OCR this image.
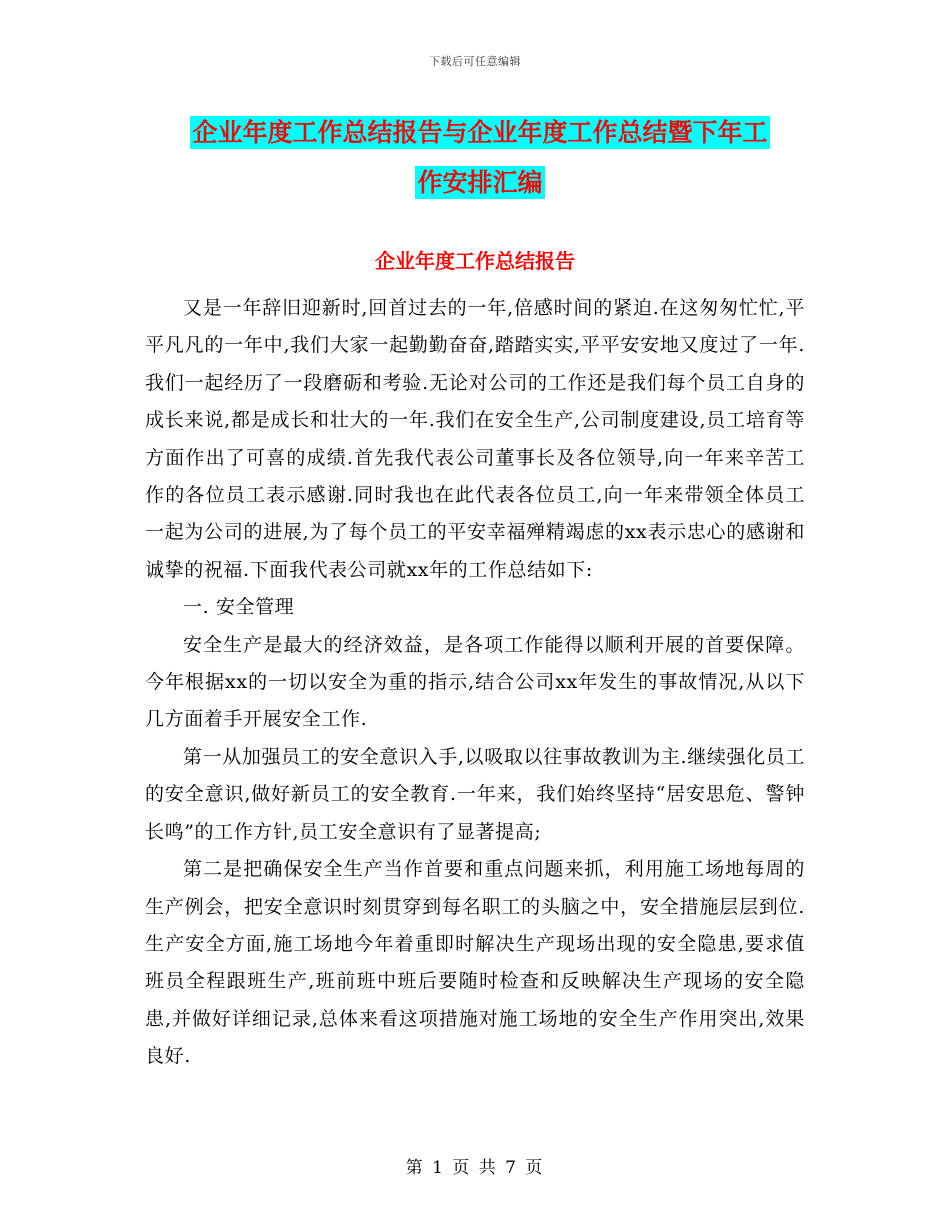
下载后可任意编辑
企业年度工作总结报告与企业年度工作总结暨下年工
作安排汇编
企业年度工作总结报告

又是一年辞旧迎新时,回首过去的一年,倍感时间的紧迫.在这匆匆忙忙,平平凡凡的一年中,我们大家一起勤勤奋奋,踏踏实实,平平安安地又度过了一年.我们一起经历了一段磨砺和考验.无论对公司的工作还是我们每个员工自身的成长来说,都是成长和壮大的一年.我们在安全生产,公司制度建设,员工培育等方面作出了可喜的成绩.首先我代表公司董事长及各位领导,向一年来辛苦工作的各位员工表示感谢.同时我也在此代表各位员工,向一年来带领全体员工一起为公司的进展,为了每个员工的平安幸福殚精竭虑的xx表示忠心的感谢和诚挚的祝福.下面我代表公司就xx年的工作总结如下:

一. 安全管理

安全生产是最大的经济效益，是各项工作能得以顺利开展的首要保障。今年根据xx的一切以安全为重的指示,结合公司xx年发生的事故情况,从以下几方面着手开展安全工作.

第一从加强员工的安全意识入手,以吸取以往事故教训为主.继续强化员工的安全意识,做好新员工的安全教育.一年来，我们始终坚持“居安思危、警钟长鸣”的工作方针,员工安全意识有了显著提高;

第二是把确保安全生产当作首要和重点问题来抓，利用施工场地每周的生产例会，把安全意识时刻贯穿到每名职工的头脑之中，安全措施层层到位.生产安全方面,施工场地今年着重即时解决生产现场出现的安全隐患,要求值班员全程跟班生产,班前班中班后要随时检查和反映解决生产现场的安全隐患,并做好详细记录,总体来看这项措施对施工场地的安全生产作用突出,效果良好.

第 1 页 共 7 页
